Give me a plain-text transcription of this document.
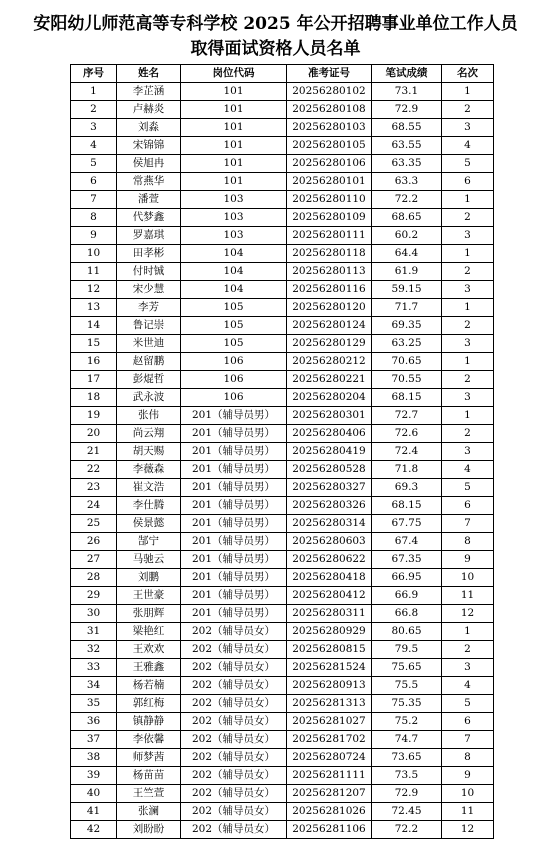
安阳幼儿师范高等专科学校 2025 年公开招聘事业单位工作人员
取得面试资格人员名单
序号	姓名	岗位代码	准考证号	笔试成绩	名次
1	李芷涵	101	20256280102	73.1	1
2	卢赫炎	101	20256280108	72.9	2
3	刘淼	101	20256280103	68.55	3
4	宋锦锦	101	20256280105	63.55	4
5	侯旭冉	101	20256280106	63.35	5
6	常燕华	101	20256280101	63.3	6
7	潘萱	103	20256280110	72.2	1
8	代梦鑫	103	20256280109	68.65	2
9	罗嘉琪	103	20256280111	60.2	3
10	田孝彬	104	20256280118	64.4	1
11	付时铖	104	20256280113	61.9	2
12	宋少慧	104	20256280116	59.15	3
13	李芳	105	20256280120	71.7	1
14	鲁记崇	105	20256280124	69.35	2
15	米世迪	105	20256280129	63.25	3
16	赵留鹏	106	20256280212	70.65	1
17	彭焜哲	106	20256280221	70.55	2
18	武永波	106	20256280204	68.15	3
19	张伟	201（辅导员男）	20256280301	72.7	1
20	尚云翔	201（辅导员男）	20256280406	72.6	2
21	胡天赐	201（辅导员男）	20256280419	72.4	3
22	李薇森	201（辅导员男）	20256280528	71.8	4
23	崔文浩	201（辅导员男）	20256280327	69.3	5
24	李仕腾	201（辅导员男）	20256280326	68.15	6
25	侯景懿	201（辅导员男）	20256280314	67.75	7
26	郜宁	201（辅导员男）	20256280603	67.4	8
27	马驰云	201（辅导员男）	20256280622	67.35	9
28	刘鹏	201（辅导员男）	20256280418	66.95	10
29	王世豪	201（辅导员男）	20256280412	66.9	11
30	张朋辉	201（辅导员男）	20256280311	66.8	12
31	梁艳红	202（辅导员女）	20256280929	80.65	1
32	王欢欢	202（辅导员女）	20256280815	79.5	2
33	王雅鑫	202（辅导员女）	20256281524	75.65	3
34	杨若楠	202（辅导员女）	20256280913	75.5	4
35	郭红梅	202（辅导员女）	20256281313	75.35	5
36	镇静静	202（辅导员女）	20256281027	75.2	6
37	李依馨	202（辅导员女）	20256281702	74.7	7
38	师梦茜	202（辅导员女）	20256280724	73.65	8
39	杨苗苗	202（辅导员女）	20256281111	73.5	9
40	王竺萱	202（辅导员女）	20256281207	72.9	10
41	张澜	202（辅导员女）	20256281026	72.45	11
42	刘盼盼	202（辅导员女）	20256281106	72.2	12
